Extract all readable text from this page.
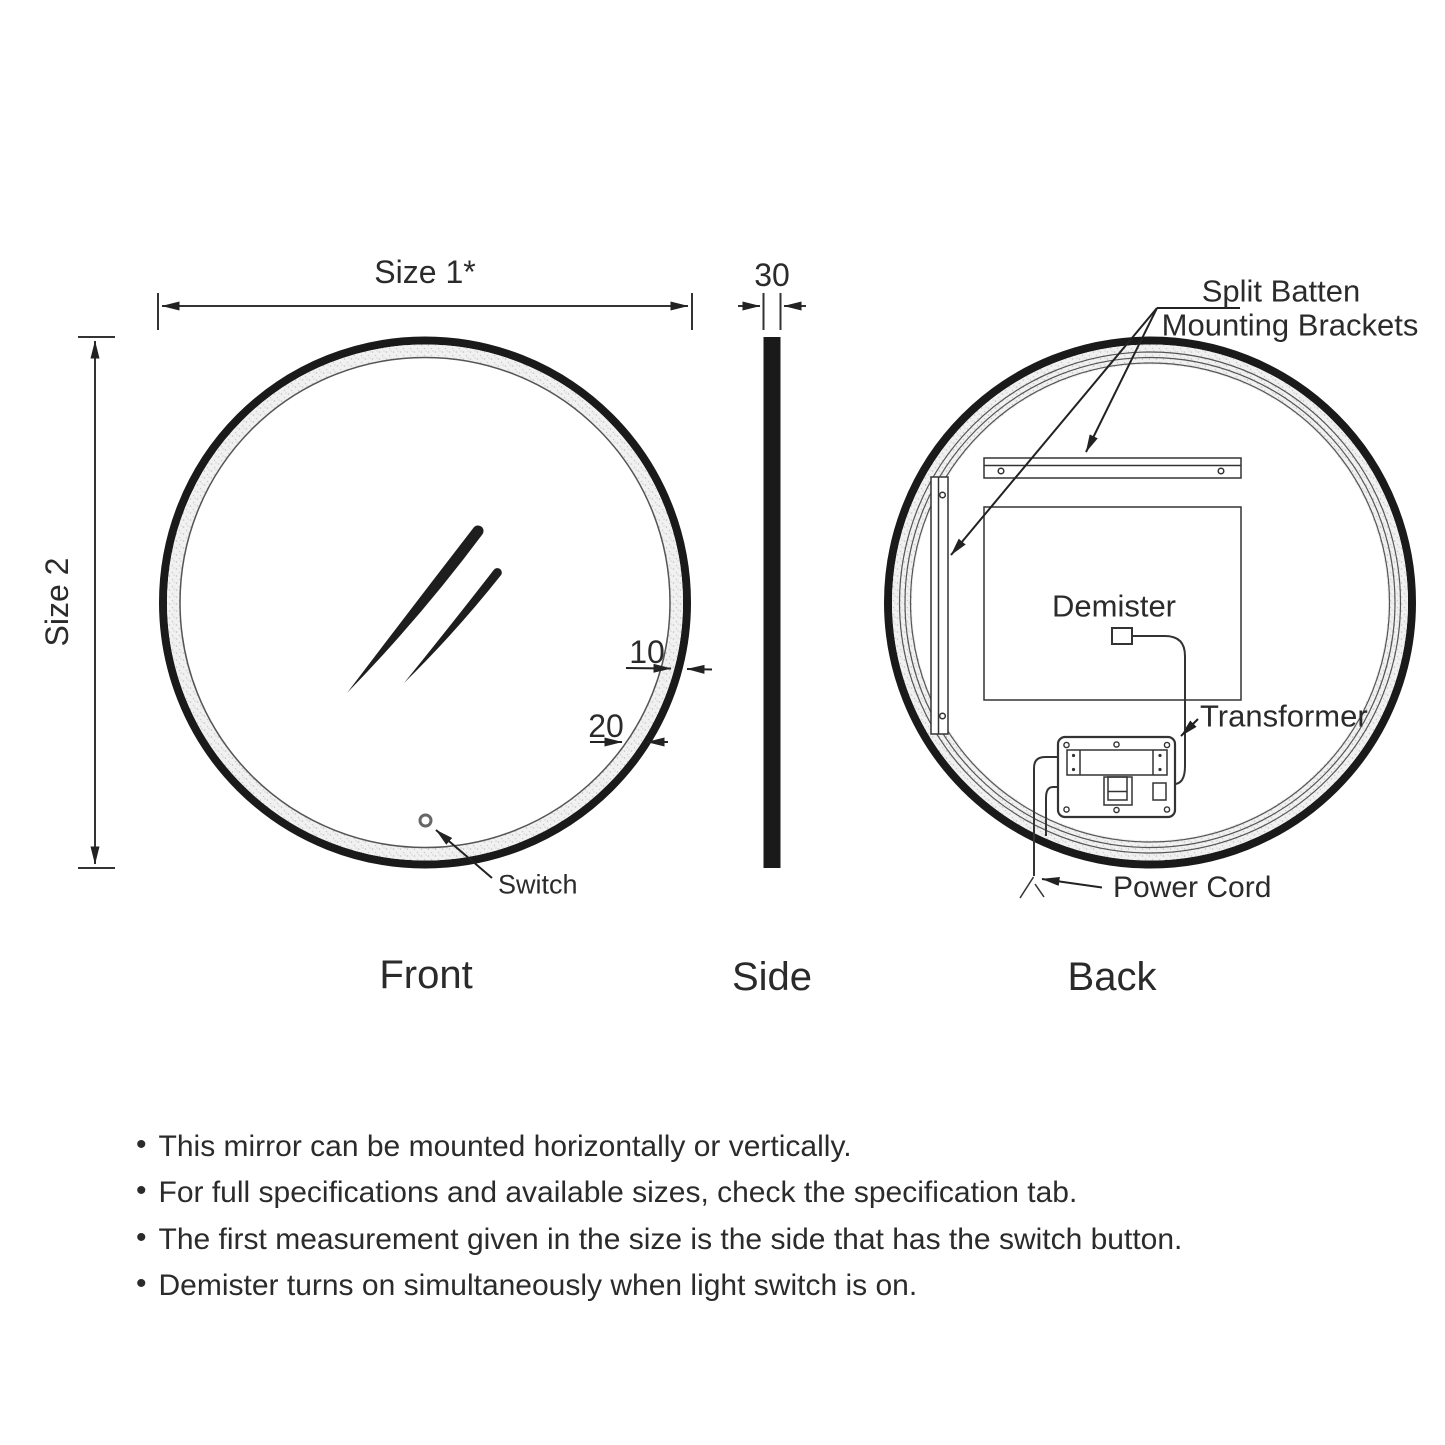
Size 1*
Size 2
30
10
20
Switch
Front	Side	Back
Split Batten
Mounting Brackets
Demister
Transformer
Power Cord
• This mirror can be mounted horizontally or vertically.
• For full specifications and available sizes, check the specification tab.
• The first measurement given in the size is the side that has the switch button.
• Demister turns on simultaneously when light switch is on.
